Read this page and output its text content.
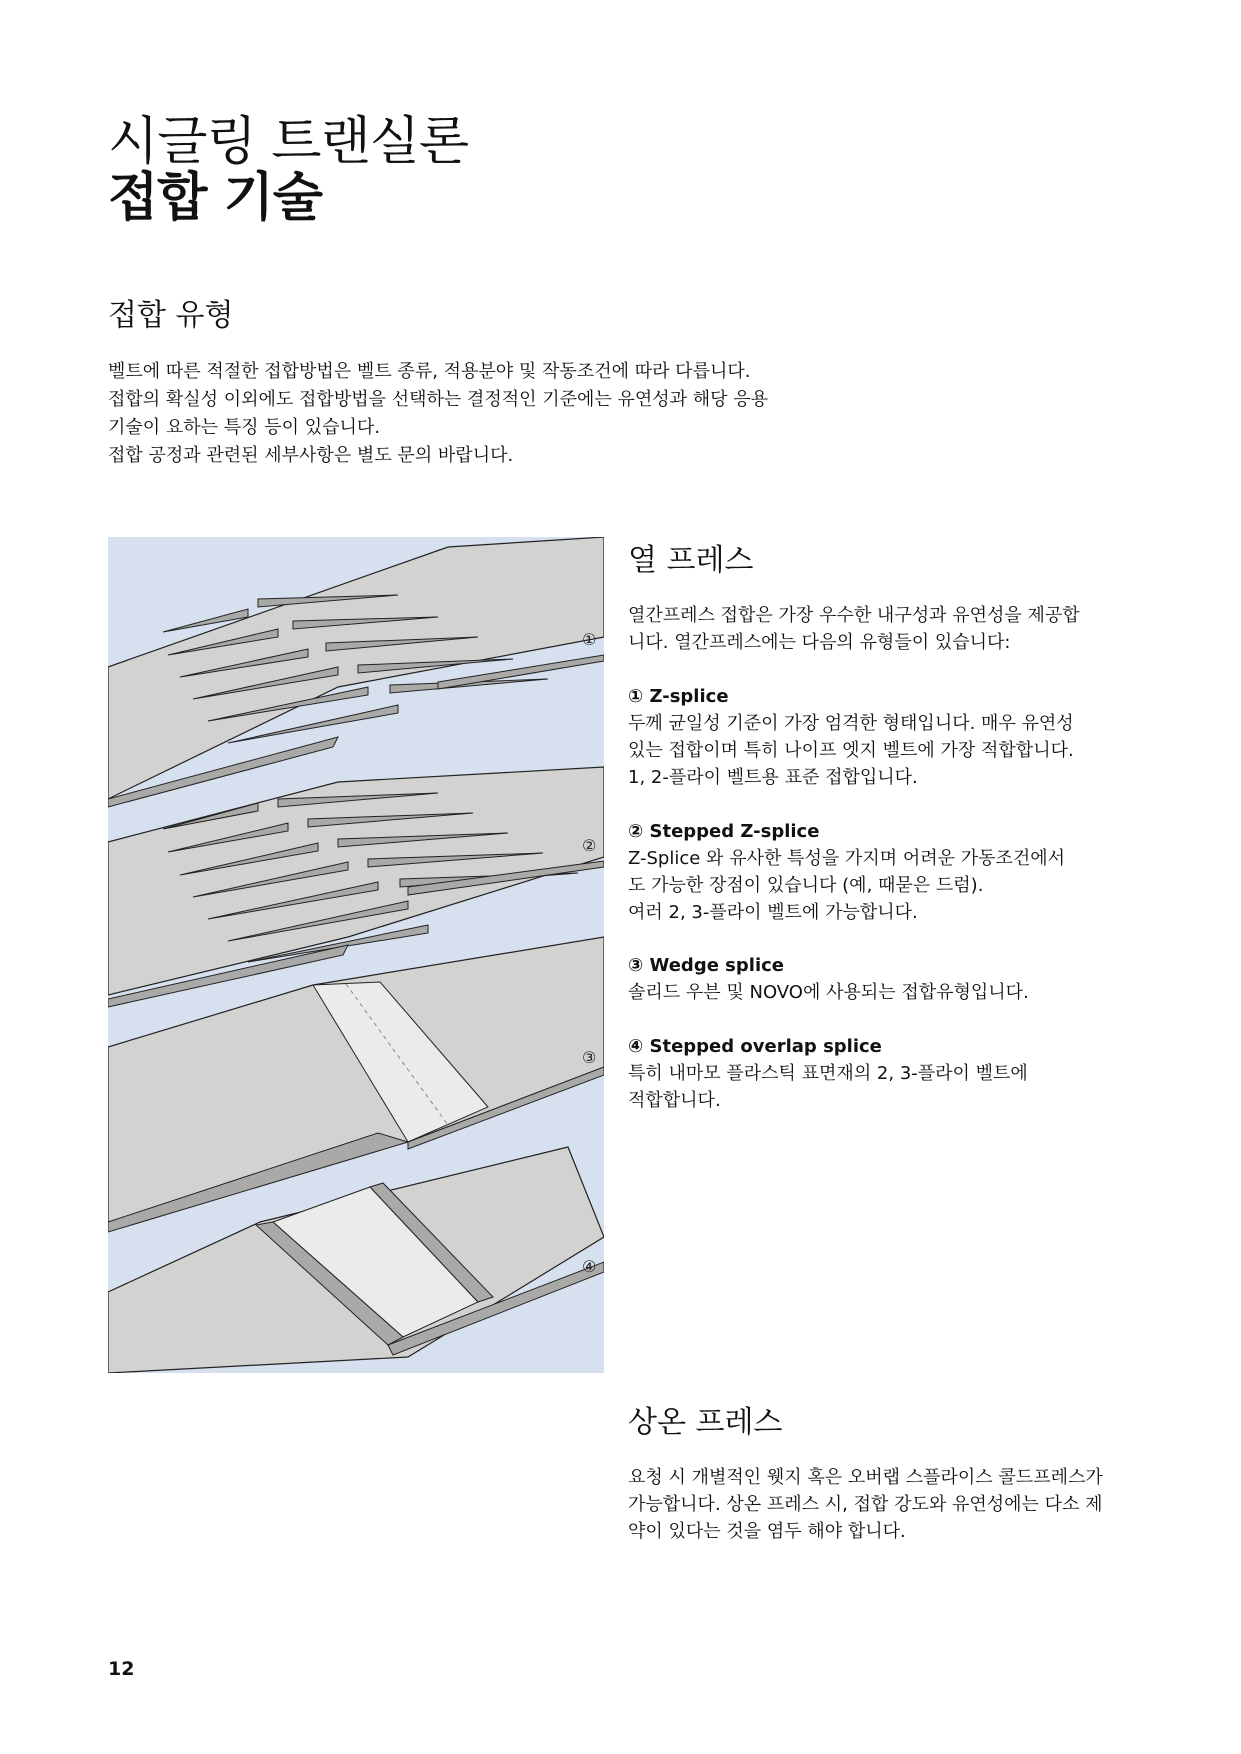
시글링 트랜실론
접합 기술
접합 유형

벨트에 따른 적절한 접합방법은 벨트 종류, 적용분야 및 작동조건에 따라 다릅니다.

접합의 확실성 이외에도 접합방법을 선택하는 결정적인 기준에는 유연성과 해당 응용

기술이 요하는 특징 등이 있습니다.

접합 공정과 관련된 세부사항은 별도 문의 바랍니다.

①
②
③
④
열 프레스

열간프레스 접합은 가장 우수한 내구성과 유연성을 제공합

니다. 열간프레스에는 다음의 유형들이 있습니다:

① Z-splice

두께 균일성 기준이 가장 엄격한 형태입니다. 매우 유연성

있는 접합이며 특히 나이프 엣지 벨트에 가장 적합합니다.

1, 2-플라이 벨트용 표준 접합입니다.

② Stepped Z-splice

Z-Splice 와 유사한 특성을 가지며 어려운 가동조건에서

도 가능한 장점이 있습니다 (예, 때묻은 드럼).

여러 2, 3-플라이 벨트에 가능합니다.

③ Wedge splice

솔리드 우븐 및 NOVO에 사용되는 접합유형입니다.

④ Stepped overlap splice

특히 내마모 플라스틱 표면재의 2, 3-플라이 벨트에

적합합니다.

상온 프레스

요청 시 개별적인 웻지 혹은 오버랩 스플라이스 콜드프레스가

가능합니다. 상온 프레스 시, 접합 강도와 유연성에는 다소 제

약이 있다는 것을 염두 해야 합니다.

12
